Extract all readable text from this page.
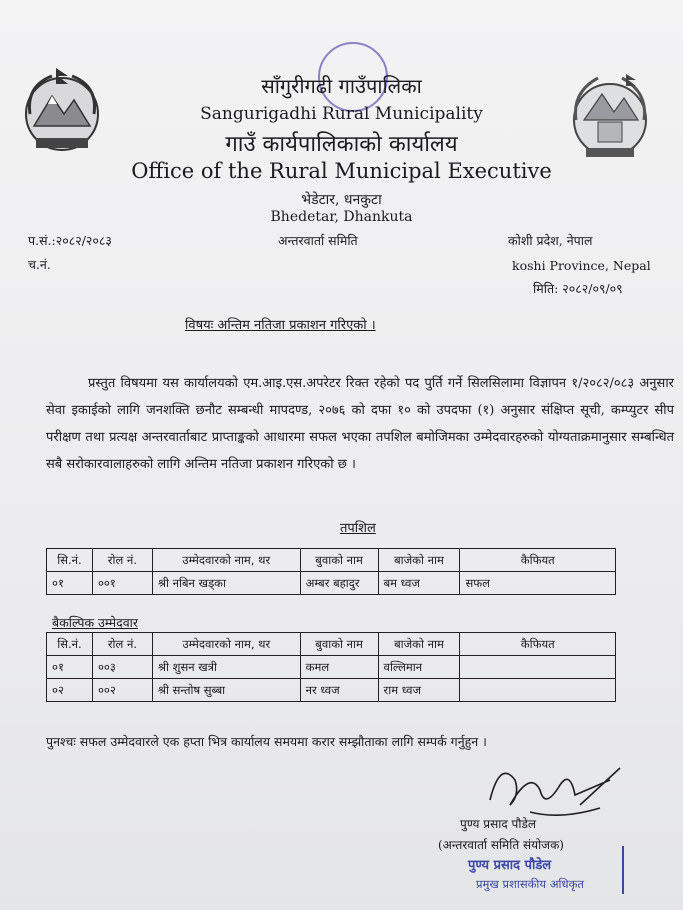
साँगुरीगढी गाउँपालिका
Sangurigadhi Rural Municipality
गाउँ कार्यपालिकाको कार्यालय
Office of the Rural Municipal Executive
भेडेटार, धनकुटा
Bhedetar, Dhankuta
प.सं.:२०८२/२०८३
च.नं.
अन्तरवार्ता समिति	कोशी प्रदेश, नेपाल
koshi Province, Nepal
मिति: २०८२/०९/०९
विषयः अन्तिम नतिजा प्रकाशन गरिएको ।
प्रस्तुत विषयमा यस कार्यालयको एम.आइ.एस.अपरेटर रिक्त रहेको पद पुर्ति गर्ने सिलसिलामा विज्ञापन १/२०८२/०८३ अनुसार सेवा इकाईको लागि जनशक्ति छनौट सम्बन्धी मापदण्ड, २०७६ को दफा १० को उपदफा (१) अनुसार संक्षिप्त सूची, कम्प्युटर सीप परीक्षण तथा प्रत्यक्ष अन्तरवार्ताबाट प्राप्ताङ्कको आधारमा सफल भएका तपशिल बमोजिमका उम्मेदवारहरुको योग्यताक्रमानुसार सम्बन्धित सबै सरोकारवालाहरुको लागि अन्तिम नतिजा प्रकाशन गरिएको छ ।
तपशिल
सि.नं.	रोल नं.	उम्मेदवारको नाम, थर	बुवाको नाम	बाजेको नाम	कैफियत
०१	००१	श्री नबिन खड्का	अम्बर बहादुर	बम ध्वज	सफल
बैकल्पिक उम्मेदवार
सि.नं.	रोल नं.	उम्मेदवारको नाम, थर	बुवाको नाम	बाजेको नाम	कैफियत
०१	००३	श्री शुसन खत्री	कमल	वल्लिमान	
०२	००२	श्री सन्तोष सुब्बा	नर ध्वज	राम ध्वज	
पुनश्चः सफल उम्मेदवारले एक हप्ता भित्र कार्यालय समयमा करार सम्झौताका लागि सम्पर्क गर्नुहुन ।
पुण्य प्रसाद पौडेल
(अन्तरवार्ता समिति संयोजक)
पुण्य प्रसाद पौडेल
प्रमुख प्रशासकीय अधिकृत
